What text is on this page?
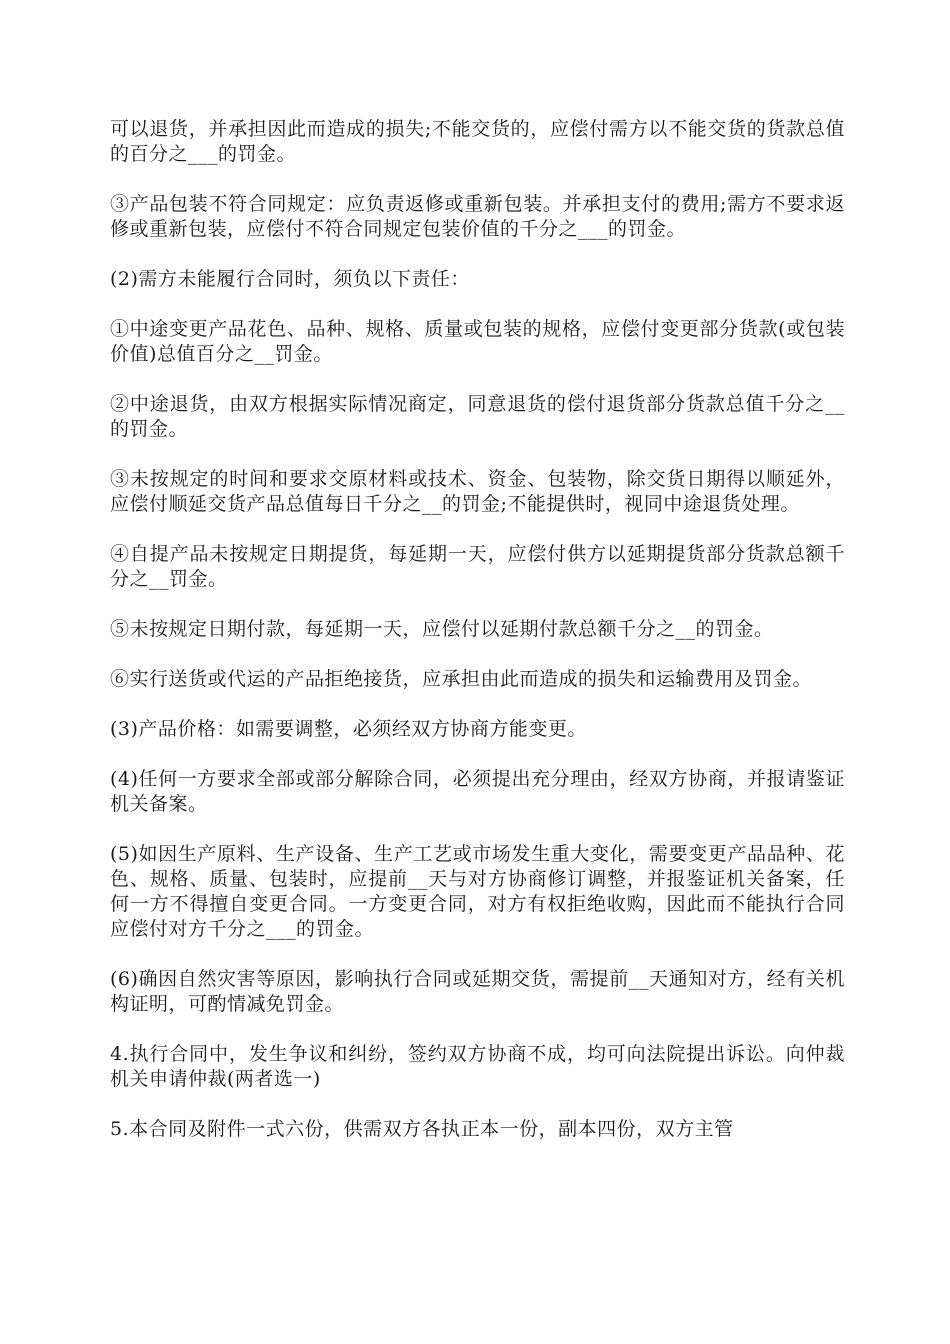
可以退货，并承担因此而造成的损失;不能交货的，应偿付需方以不能交货的货款总值的百分之___的罚金。

③产品包装不符合同规定：应负责返修或重新包装。并承担支付的费用;需方不要求返修或重新包装，应偿付不符合同规定包装价值的千分之___的罚金。

(2)需方未能履行合同时，须负以下责任：

①中途变更产品花色、品种、规格、质量或包装的规格，应偿付变更部分货款(或包装价值)总值百分之__罚金。

②中途退货，由双方根据实际情况商定，同意退货的偿付退货部分货款总值千分之__的罚金。

③未按规定的时间和要求交原材料或技术、资金、包装物，除交货日期得以顺延外，应偿付顺延交货产品总值每日千分之__的罚金;不能提供时，视同中途退货处理。

④自提产品未按规定日期提货，每延期一天，应偿付供方以延期提货部分货款总额千分之__罚金。

⑤未按规定日期付款，每延期一天，应偿付以延期付款总额千分之__的罚金。

⑥实行送货或代运的产品拒绝接货，应承担由此而造成的损失和运输费用及罚金。

(3)产品价格：如需要调整，必须经双方协商方能变更。

(4)任何一方要求全部或部分解除合同，必须提出充分理由，经双方协商，并报请鉴证机关备案。

(5)如因生产原料、生产设备、生产工艺或市场发生重大变化，需要变更产品品种、花色、规格、质量、包装时，应提前__天与对方协商修订调整，并报鉴证机关备案，任何一方不得擅自变更合同。一方变更合同，对方有权拒绝收购，因此而不能执行合同应偿付对方千分之___的罚金。

(6)确因自然灾害等原因，影响执行合同或延期交货，需提前__天通知对方，经有关机构证明，可酌情减免罚金。

4.执行合同中，发生争议和纠纷，签约双方协商不成，均可向法院提出诉讼。向仲裁机关申请仲裁(两者选一)

5.本合同及附件一式六份，供需双方各执正本一份，副本四份，双方主管
